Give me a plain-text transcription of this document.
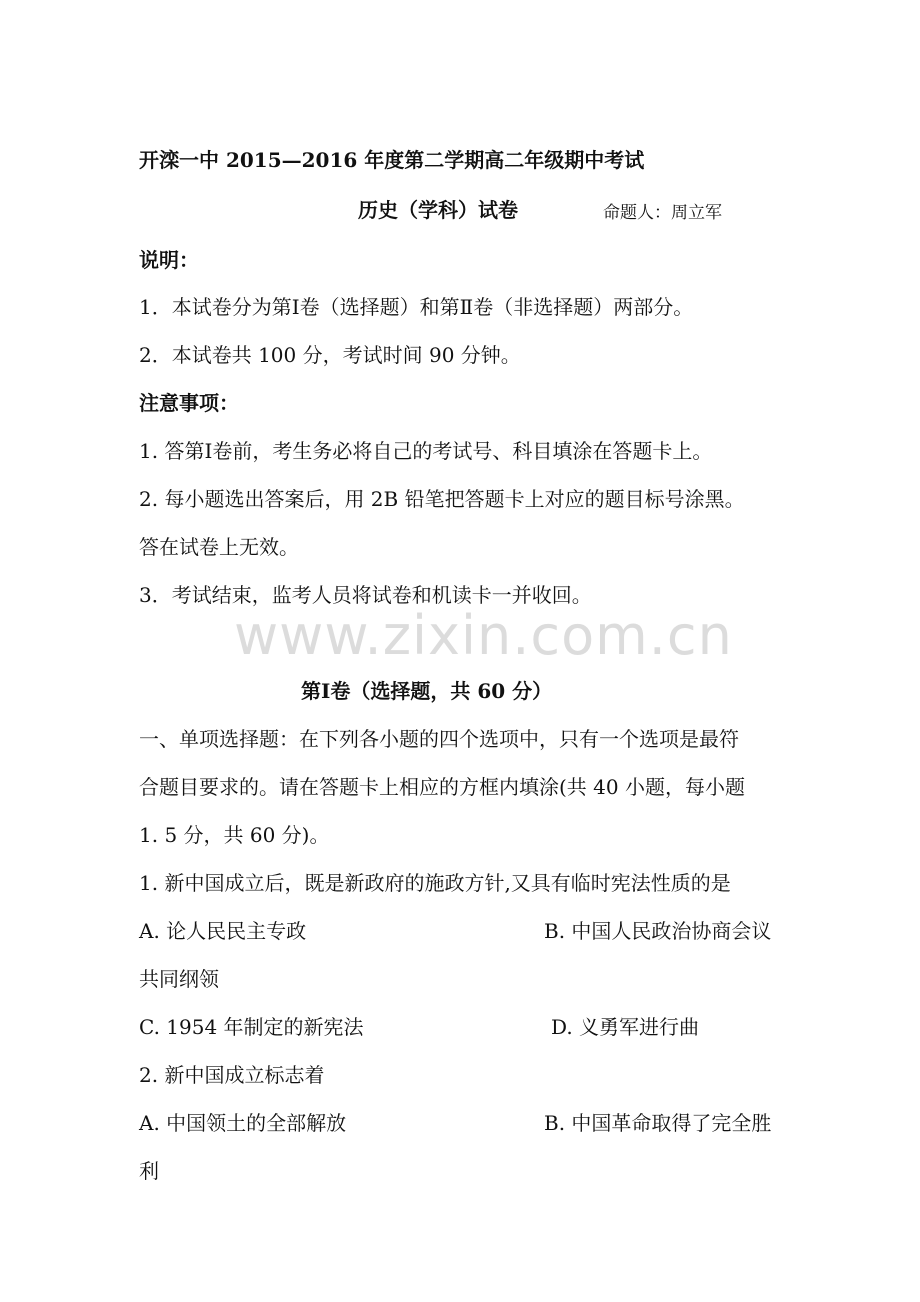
开滦一中 2015—2016 年度第二学期高二年级期中考试
历史（学科）试卷	命题人：周立军
说明：
1．本试卷分为第Ⅰ卷（选择题）和第Ⅱ卷（非选择题）两部分。
2．本试卷共 100 分，考试时间 90 分钟。
注意事项：
1. 答第Ⅰ卷前，考生务必将自己的考试号、科目填涂在答题卡上。
2. 每小题选出答案后，用 2B 铅笔把答题卡上对应的题目标号涂黑。
答在试卷上无效。
3．考试结束，监考人员将试卷和机读卡一并收回。
www.zixin.com.cn
第Ⅰ卷（选择题，共 60 分）
一、单项选择题：在下列各小题的四个选项中，只有一个选项是最符
合题目要求的。请在答题卡上相应的方框内填涂(共 40 小题，每小题
1. 5 分，共 60 分)。
1. 新中国成立后，既是新政府的施政方针,又具有临时宪法性质的是
A. 论人民民主专政	B. 中国人民政治协商会议
共同纲领
C. 1954 年制定的新宪法	D. 义勇军进行曲
2. 新中国成立标志着
A. 中国领土的全部解放	B. 中国革命取得了完全胜
利
